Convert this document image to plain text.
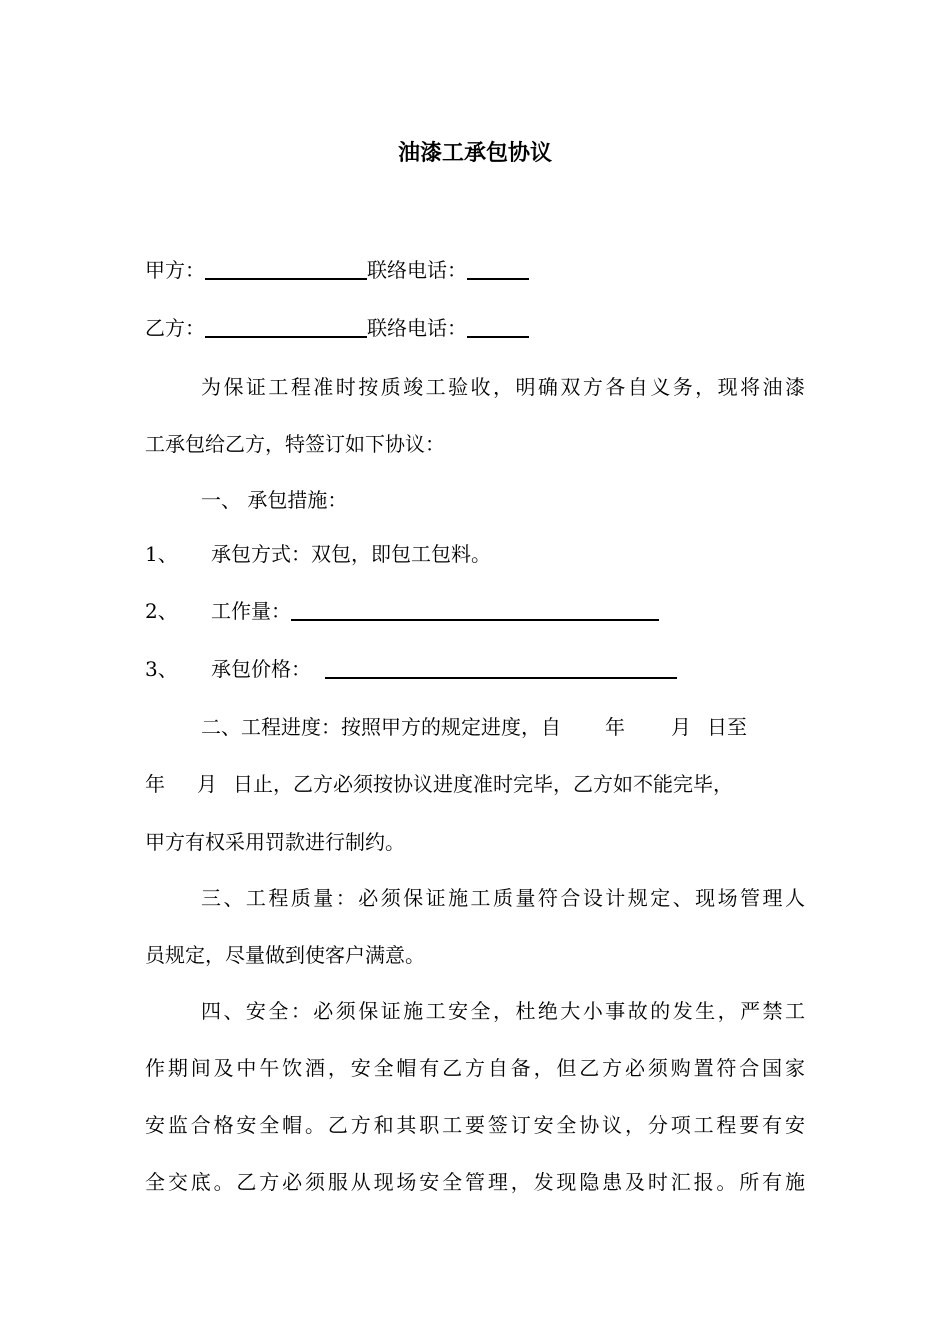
油漆工承包协议
甲方：	联络电话：
乙方：	联络电话：
为保证工程准时按质竣工验收，明确双方各自义务，现将油漆
工承包给乙方，特签订如下协议：
一、 承包措施：
1、 承包方式：双包，即包工包料。
2、 工作量：
3、 承包价格：
二、工程进度：按照甲方的规定进度，自 年 月 日至
年 月 日止，乙方必须按协议进度准时完毕，乙方如不能完毕，
甲方有权采用罚款进行制约。
三、工程质量：必须保证施工质量符合设计规定、现场管理人
员规定，尽量做到使客户满意。
四、安全：必须保证施工安全，杜绝大小事故的发生，严禁工
作期间及中午饮酒，安全帽有乙方自备，但乙方必须购置符合国家
安监合格安全帽。乙方和其职工要签订安全协议，分项工程要有安
全交底。乙方必须服从现场安全管理，发现隐患及时汇报。所有施
